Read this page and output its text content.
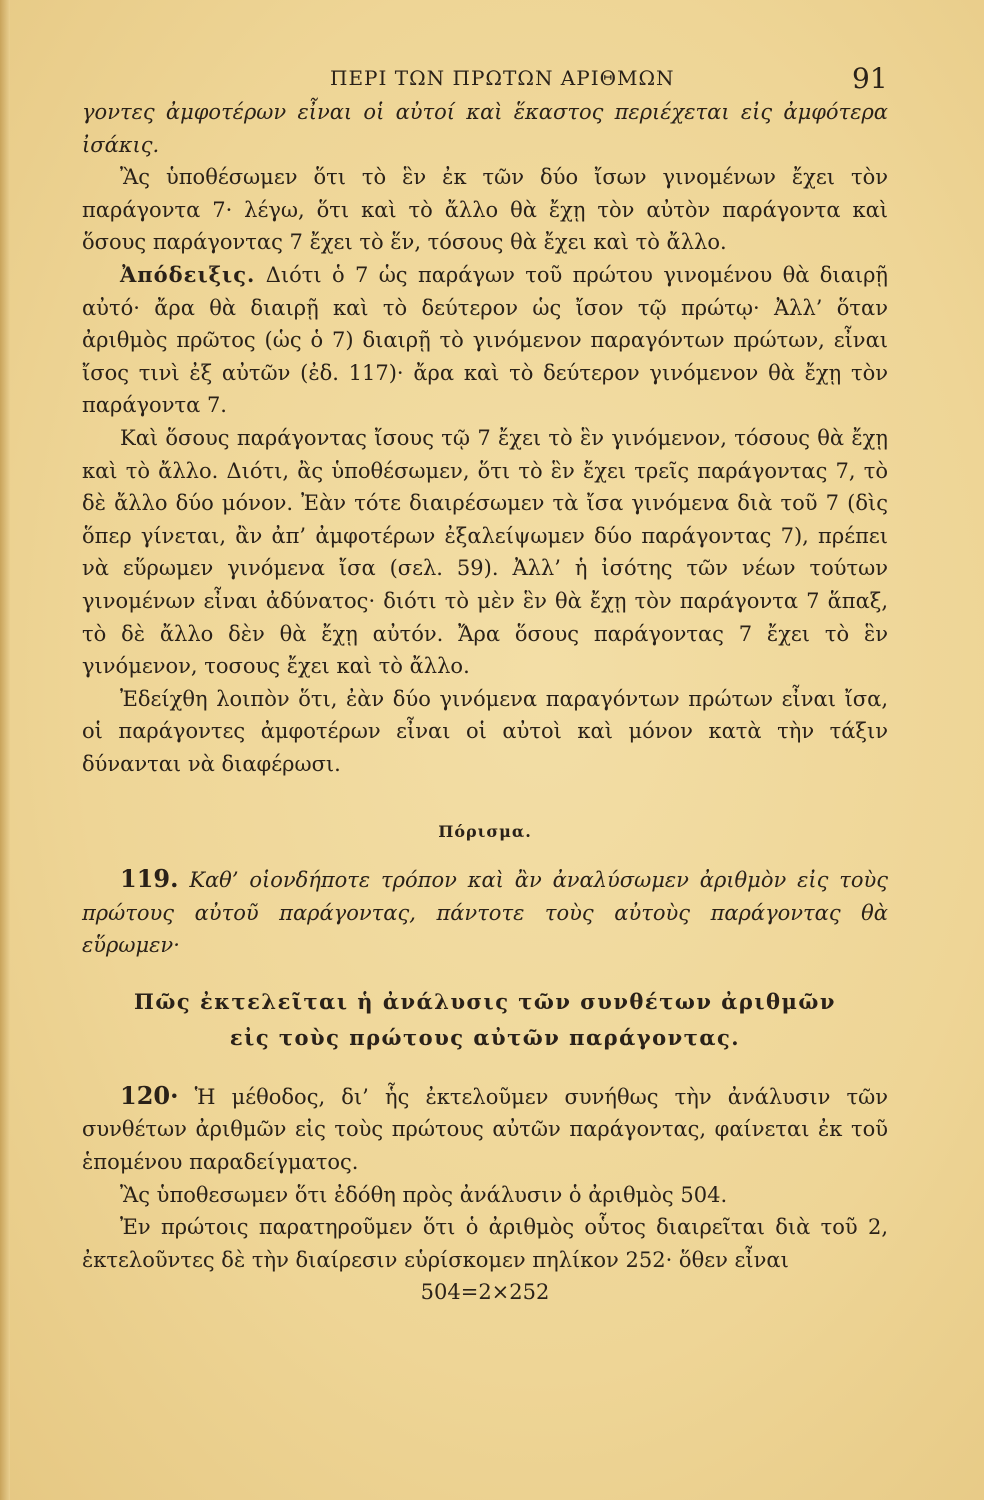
ΠΕΡΙ ΤΩΝ ΠΡΩΤΩΝ ΑΡΙΘΜΩΝ	91

γοντες ἀμφοτέρων εἶναι οἱ αὐτοί καὶ ἕκαστος περιέχεται εἰς ἀμφότερα ἰσάκις.

Ἂς ὑποθέσωμεν ὅτι τὸ ἓν ἐκ τῶν δύο ἴσων γινομένων ἔχει τὸν παράγοντα 7· λέγω, ὅτι καὶ τὸ ἄλλο θὰ ἔχῃ τὸν αὐτὸν παράγοντα καὶ ὅσους παράγοντας 7 ἔχει τὸ ἕν, τόσους θὰ ἔχει καὶ τὸ ἄλλο.

Ἀπόδειξις. Διότι ὁ 7 ὡς παράγων τοῦ πρώτου γινομένου θὰ διαιρῇ αὐτό· ἄρα θὰ διαιρῇ καὶ τὸ δεύτερον ὡς ἴσον τῷ πρώτῳ· Ἀλλ’ ὅταν ἀριθμὸς πρῶτος (ὡς ὁ 7) διαιρῇ τὸ γινόμενον παραγόντων πρώτων, εἶναι ἴσος τινὶ ἐξ αὐτῶν (ἐδ. 117)· ἄρα καὶ τὸ δεύτερον γινόμενον θὰ ἔχῃ τὸν παράγοντα 7.

Καὶ ὅσους παράγοντας ἴσους τῷ 7 ἔχει τὸ ἓν γινόμενον, τόσους θὰ ἔχῃ καὶ τὸ ἄλλο. Διότι, ἂς ὑποθέσωμεν, ὅτι τὸ ἓν ἔχει τρεῖς παράγοντας 7, τὸ δὲ ἄλλο δύο μόνον. Ἐὰν τότε διαιρέσωμεν τὰ ἴσα γινόμενα διὰ τοῦ 7 (δὶς ὅπερ γίνεται, ἂν ἀπ’ ἀμφοτέρων ἐξαλείψωμεν δύο παράγοντας 7), πρέπει νὰ εὕρωμεν γινόμενα ἴσα (σελ. 59). Ἀλλ’ ἡ ἰσότης τῶν νέων τούτων γινομένων εἶναι ἀδύνατος· διότι τὸ μὲν ἓν θὰ ἔχῃ τὸν παράγοντα 7 ἅπαξ, τὸ δὲ ἄλλο δὲν θὰ ἔχῃ αὐτόν. Ἄρα ὅσους παράγοντας 7 ἔχει τὸ ἓν γινόμενον, τοσους ἔχει καὶ τὸ ἄλλο.

Ἐδείχθη λοιπὸν ὅτι, ἐὰν δύο γινόμενα παραγόντων πρώτων εἶναι ἴσα, οἱ παράγοντες ἀμφοτέρων εἶναι οἱ αὐτοὶ καὶ μόνον κατὰ τὴν τάξιν δύνανται νὰ διαφέρωσι.

Πόρισμα.

119. Καθ’ οἱονδήποτε τρόπον καὶ ἂν ἀναλύσωμεν ἀριθμὸν εἰς τοὺς πρώτους αὐτοῦ παράγοντας, πάντοτε τοὺς αὐτοὺς παράγοντας θὰ εὕρωμεν·

Πῶς ἐκτελεῖται ἡ ἀνάλυσις τῶν συνθέτων ἀριθμῶν
εἰς τοὺς πρώτους αὐτῶν παράγοντας.

120· Ἡ μέθοδος, δι’ ἧς ἐκτελοῦμεν συνήθως τὴν ἀνάλυσιν τῶν συνθέτων ἀριθμῶν εἰς τοὺς πρώτους αὐτῶν παράγοντας, φαίνεται ἐκ τοῦ ἑπομένου παραδείγματος.

Ἂς ὑποθεσωμεν ὅτι ἐδόθη πρὸς ἀνάλυσιν ὁ ἀριθμὸς 504.

Ἐν πρώτοις παρατηροῦμεν ὅτι ὁ ἀριθμὸς οὗτος διαιρεῖται διὰ τοῦ 2, ἐκτελοῦντες δὲ τὴν διαίρεσιν εὑρίσκομεν πηλίκον 252· ὅθεν εἶναι

504=2×252
